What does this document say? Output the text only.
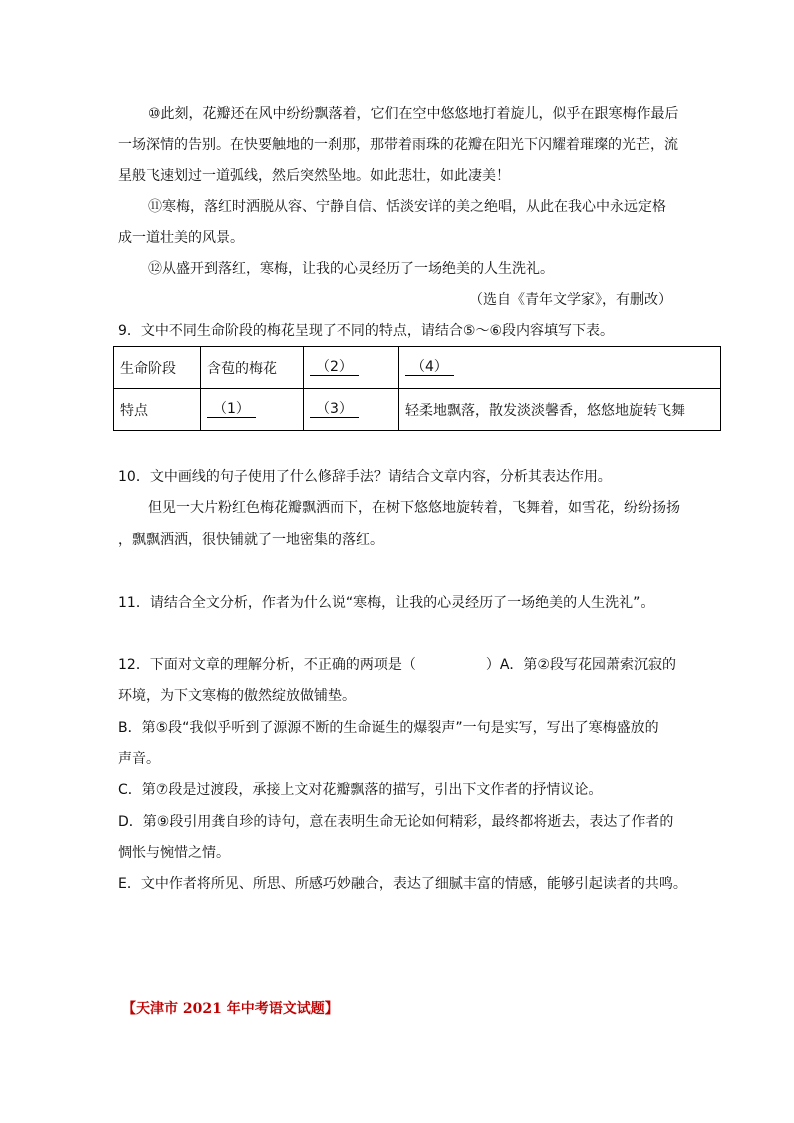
⑩此刻，花瓣还在风中纷纷飘落着，它们在空中悠悠地打着旋儿，似乎在跟寒梅作最后
一场深情的告别。在快要触地的一刹那，那带着雨珠的花瓣在阳光下闪耀着璀璨的光芒，流
星般飞速划过一道弧线，然后突然坠地。如此悲壮，如此凄美！
⑪寒梅，落红时洒脱从容、宁静自信、恬淡安详的美之绝唱，从此在我心中永远定格
成一道壮美的风景。
⑫从盛开到落红，寒梅，让我的心灵经历了一场绝美的人生洗礼。
（选自《青年文学家》，有删改）
9．文中不同生命阶段的梅花呈现了不同的特点，请结合⑤～⑥段内容填写下表。
生命阶段	含苞的梅花	（2）	（4）
特点	（1）	（3）	轻柔地飘落，散发淡淡馨香，悠悠地旋转飞舞
10．文中画线的句子使用了什么修辞手法？请结合文章内容，分析其表达作用。
但见一大片粉红色梅花瓣飘洒而下，在树下悠悠地旋转着，飞舞着，如雪花，纷纷扬扬
，飘飘洒洒，很快铺就了一地密集的落红。
11．请结合全文分析，作者为什么说“寒梅，让我的心灵经历了一场绝美的人生洗礼”。
12．下面对文章的理解分析，不正确的两项是（　　　　　）A．第②段写花园萧索沉寂的
环境，为下文寒梅的傲然绽放做铺垫。
B．第⑤段“我似乎听到了源源不断的生命诞生的爆裂声”一句是实写，写出了寒梅盛放的
声音。
C．第⑦段是过渡段，承接上文对花瓣飘落的描写，引出下文作者的抒情议论。
D．第⑨段引用龚自珍的诗句，意在表明生命无论如何精彩，最终都将逝去，表达了作者的
惆怅与惋惜之情。
E．文中作者将所见、所思、所感巧妙融合，表达了细腻丰富的情感，能够引起读者的共鸣。
【天津市 2021 年中考语文试题】
